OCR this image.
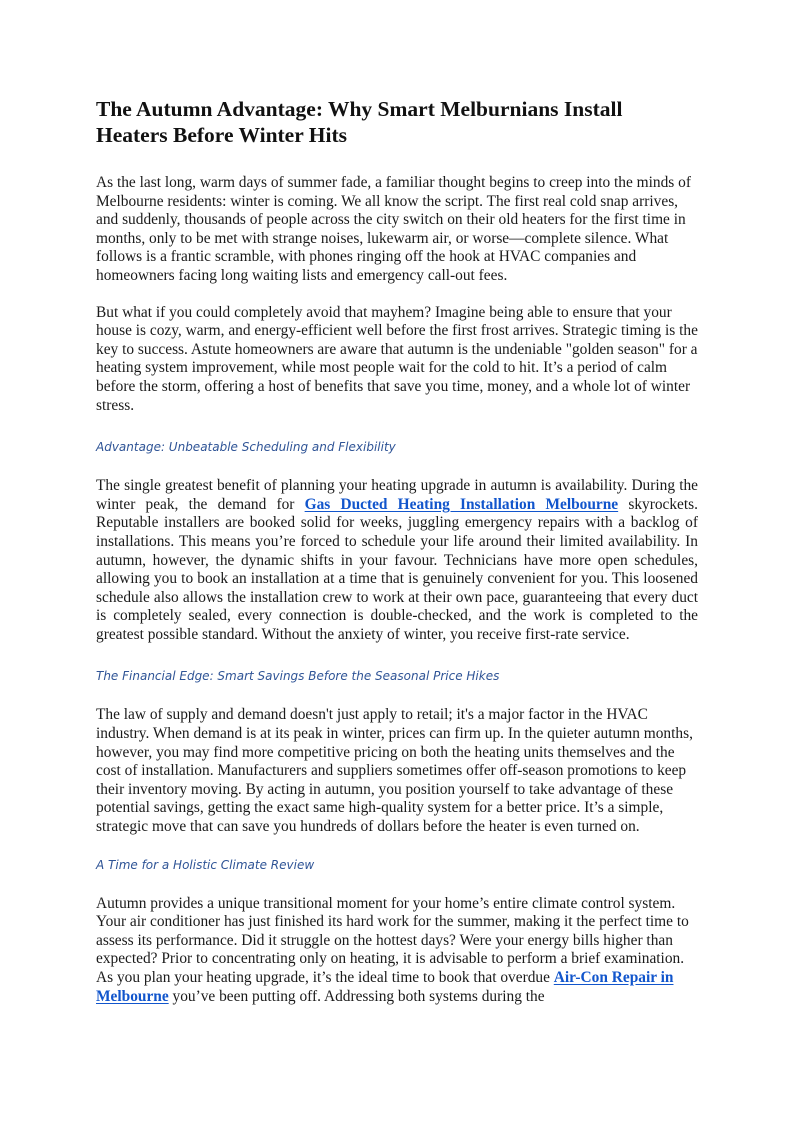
The Autumn Advantage: Why Smart Melburnians Install Heaters Before Winter Hits

As the last long, warm days of summer fade, a familiar thought begins to creep into the minds of Melbourne residents: winter is coming. We all know the script. The first real cold snap arrives, and suddenly, thousands of people across the city switch on their old heaters for the first time in months, only to be met with strange noises, lukewarm air, or worse—complete silence. What follows is a frantic scramble, with phones ringing off the hook at HVAC companies and homeowners facing long waiting lists and emergency call-out fees.

But what if you could completely avoid that mayhem? Imagine being able to ensure that your house is cozy, warm, and energy-efficient well before the first frost arrives. Strategic timing is the key to success. Astute homeowners are aware that autumn is the undeniable "golden season" for a heating system improvement, while most people wait for the cold to hit. It’s a period of calm before the storm, offering a host of benefits that save you time, money, and a whole lot of winter stress.

Advantage: Unbeatable Scheduling and Flexibility

The single greatest benefit of planning your heating upgrade in autumn is availability. During the winter peak, the demand for Gas Ducted Heating Installation Melbourne skyrockets. Reputable installers are booked solid for weeks, juggling emergency repairs with a backlog of installations. This means you’re forced to schedule your life around their limited availability. In autumn, however, the dynamic shifts in your favour. Technicians have more open schedules, allowing you to book an installation at a time that is genuinely convenient for you. This loosened schedule also allows the installation crew to work at their own pace, guaranteeing that every duct is completely sealed, every connection is double-checked, and the work is completed to the greatest possible standard. Without the anxiety of winter, you receive first-rate service.

The Financial Edge: Smart Savings Before the Seasonal Price Hikes

The law of supply and demand doesn't just apply to retail; it's a major factor in the HVAC industry. When demand is at its peak in winter, prices can firm up. In the quieter autumn months, however, you may find more competitive pricing on both the heating units themselves and the cost of installation. Manufacturers and suppliers sometimes offer off-season promotions to keep their inventory moving. By acting in autumn, you position yourself to take advantage of these potential savings, getting the exact same high-quality system for a better price. It’s a simple, strategic move that can save you hundreds of dollars before the heater is even turned on.

A Time for a Holistic Climate Review

Autumn provides a unique transitional moment for your home’s entire climate control system. Your air conditioner has just finished its hard work for the summer, making it the perfect time to assess its performance. Did it struggle on the hottest days? Were your energy bills higher than expected? Prior to concentrating only on heating, it is advisable to perform a brief examination. As you plan your heating upgrade, it’s the ideal time to book that overdue Air-Con Repair in Melbourne you’ve been putting off. Addressing both systems during the
